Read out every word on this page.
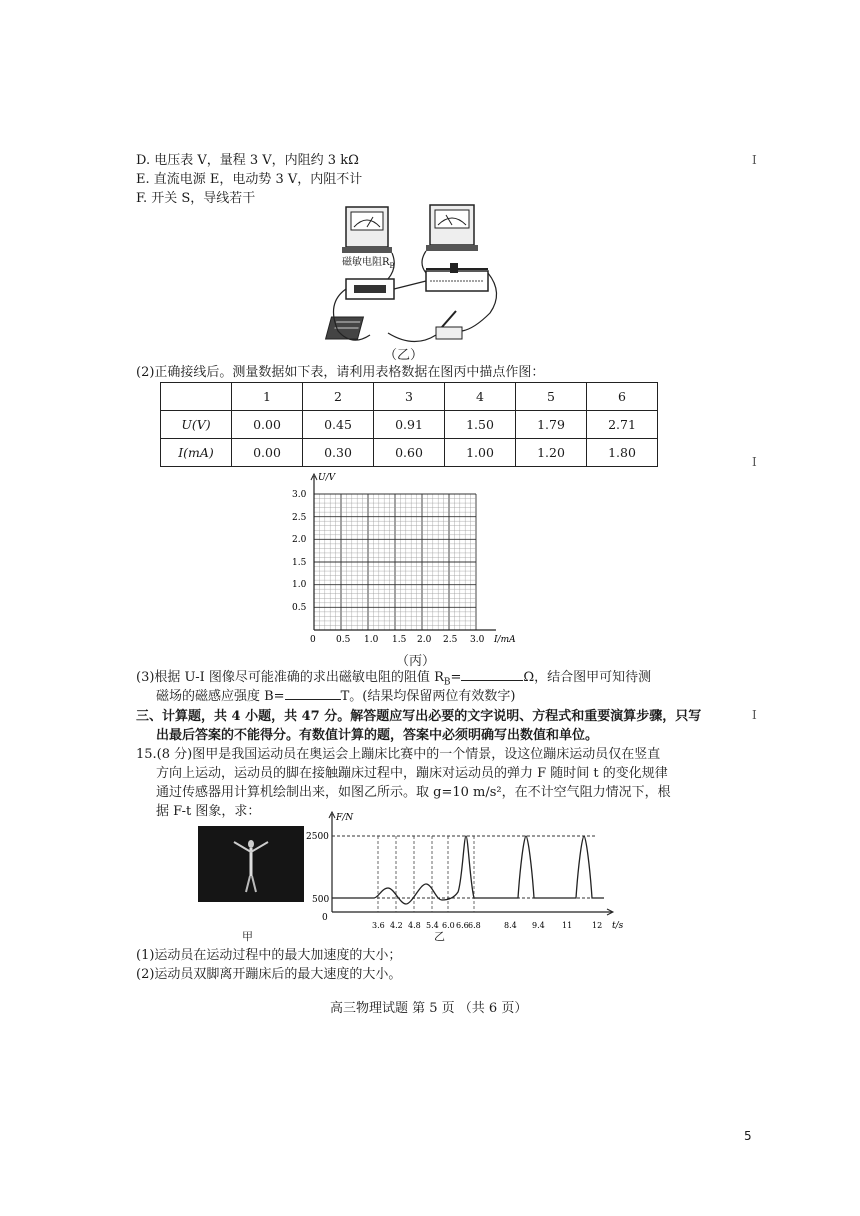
D. 电压表 V，量程 3 V，内阻约 3 kΩ
E. 直流电源 E，电动势 3 V，内阻不计
F. 开关 S，导线若干
I
I
I
磁敏电阻$R_B$
（乙）
(2)正确接线后。测量数据如下表，请利用表格数据在图丙中描点作图：
	1	2	3	4	5	6
U(V)	0.00	0.45	0.91	1.50	1.79	2.71
I(mA)	0.00	0.30	0.60	1.00	1.20	1.80
U/V
I/mA
3.0
2.5
2.0
1.5
1.0
0.5
0 0.5 1.0 1.5 2.0 2.5 3.0
（丙）
(3)根据 U-I 图像尽可能准确的求出磁敏电阻的阻值 $R_B=$	Ω，结合图甲可知待测
磁场的磁感应强度 B=	T。(结果均保留两位有效数字)
三、计算题，共 4 小题，共 47 分。解答题应写出必要的文字说明、方程式和重要演算步骤，只写
出最后答案的不能得分。有数值计算的题，答案中必须明确写出数值和单位。
15.(8 分)图甲是我国运动员在奥运会上蹦床比赛中的一个情景，设这位蹦床运动员仅在竖直
方向上运动，运动员的脚在接触蹦床过程中，蹦床对运动员的弹力 F 随时间 t 的变化规律
通过传感器用计算机绘制出来，如图乙所示。取 g=10 m/s²，在不计空气阻力情况下，根
据 F-t 图象，求：
甲
F/N
t/s
2500
500
0
3.6 4.2 4.8 5.4 6.0 6.6 6.8	8.4 9.4 11 12
乙
(1)运动员在运动过程中的最大加速度的大小；
(2)运动员双脚离开蹦床后的最大速度的大小。
高三物理试题 第 5 页 （共 6 页）
5
